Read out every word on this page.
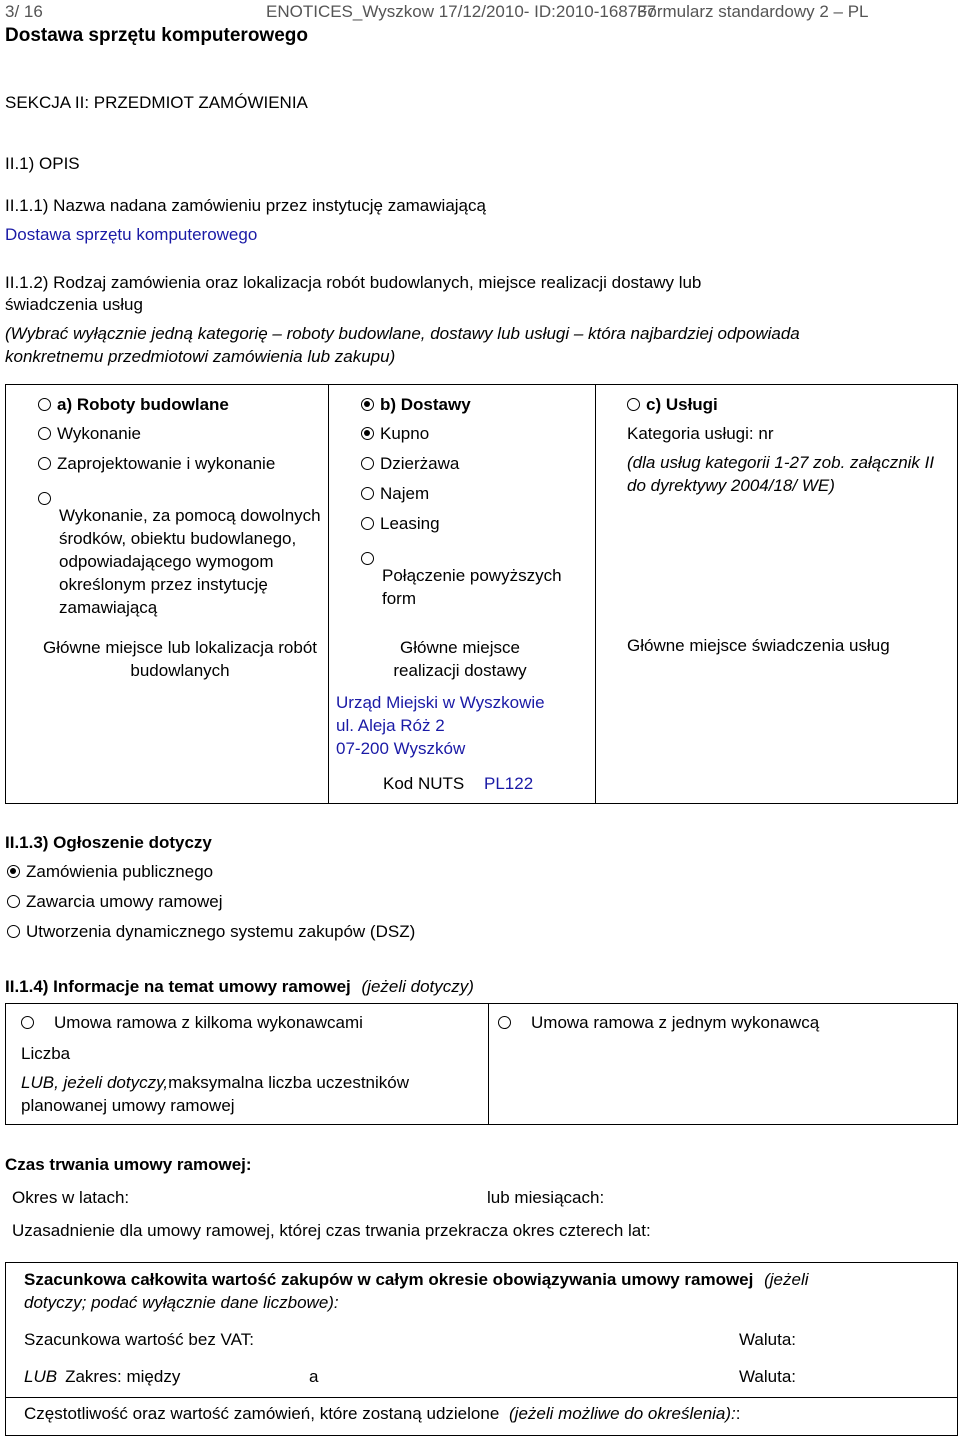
3/ 16	ENOTICES_Wyszkow 17/12/2010- ID:2010-168737
Formularz standardowy 2 – PL
Dostawa sprzętu komputerowego
SEKCJA II: PRZEDMIOT ZAMÓWIENIA
II.1) OPIS
II.1.1) Nazwa nadana zamówieniu przez instytucję zamawiającą
Dostawa sprzętu komputerowego
II.1.2) Rodzaj zamówienia oraz lokalizacja robót budowlanych, miejsce realizacji dostawy lub
świadczenia usług
(Wybrać wyłącznie jedną kategorię – roboty budowlane, dostawy lub usługi – która najbardziej odpowiada
konkretnemu przedmiotowi zamówienia lub zakupu)
a) Roboty budowlane
Wykonanie
Zaprojektowanie i wykonanie
Wykonanie, za pomocą dowolnych środków, obiektu budowlanego, odpowiadającego wymogom określonym przez instytucję zamawiającą
Główne miejsce lub lokalizacja robót budowlanych
b) Dostawy
Kupno
Dzierżawa
Najem
Leasing
Połączenie powyższych form
Główne miejsce realizacji dostawy
Urząd Miejski w Wyszkowie
ul. Aleja Róż 2
07-200 Wyszków
Kod NUTS PL122
c) Usługi
Kategoria usługi: nr
(dla usług kategorii 1-27 zob. załącznik II do dyrektywy 2004/18/ WE)
Główne miejsce świadczenia usług
II.1.3) Ogłoszenie dotyczy
Zamówienia publicznego
Zawarcia umowy ramowej
Utworzenia dynamicznego systemu zakupów (DSZ)
II.1.4) Informacje na temat umowy ramowej (jeżeli dotyczy)
Umowa ramowa z kilkoma wykonawcami	Umowa ramowa z jednym wykonawcą
Liczba
LUB, jeżeli dotyczy,maksymalna liczba uczestników planowanej umowy ramowej
Czas trwania umowy ramowej:
Okres w latach:	lub miesiącach:
Uzasadnienie dla umowy ramowej, której czas trwania przekracza okres czterech lat:
Szacunkowa całkowita wartość zakupów w całym okresie obowiązywania umowy ramowej (jeżeli
dotyczy; podać wyłącznie dane liczbowe):
Szacunkowa wartość bez VAT:	Waluta:
LUB Zakres: między	a	Waluta:
Częstotliwość oraz wartość zamówień, które zostaną udzielone (jeżeli możliwe do określenia)::
